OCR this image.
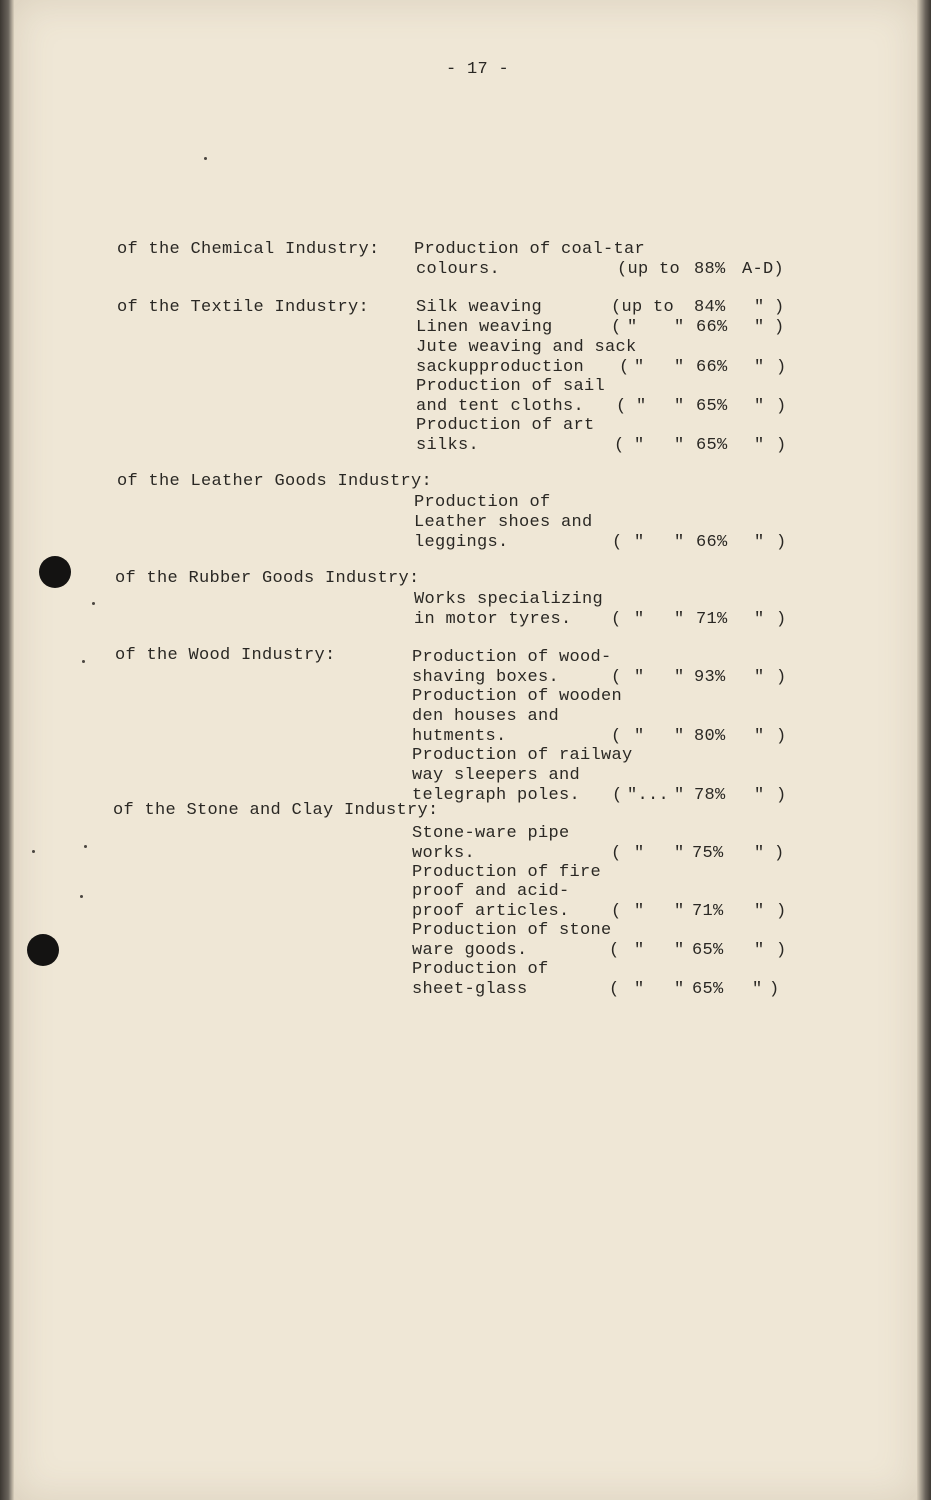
- 17 -
of the Chemical Industry: Production of coal-tar
colours.	(up to 88% A-D)
of the Textile Industry:	Silk weaving	(up to 84% " )
Linen weaving	( " " 66% " )
Jute weaving and sack
sackupproduction ( " " 66% " )
Production of sail
and tent cloths. ( " " 65% " )
Production of art
silks.	( " " 65% " )
of the Leather Goods Industry:
Production of
Leather shoes and
leggings.	( " " 66% " )
of the Rubber Goods Industry:
Works specializing
in motor tyres. ( " " 71% " )
of the Wood Industry:	Production of wood-
shaving boxes.	( " " 93% " )
Production of wooden
den houses and
hutments.	( " " 80% " )
Production of railway
way sleepers and
telegraph poles. ( "... " 78% " )
of the Stone and Clay Industry:
Stone-ware pipe
works.	( " " 75% " )
Production of fire
proof and acid-
proof articles. ( " " 71% " )
Production of stone
ware goods.	( " " 65% " )
Production of
sheet-glass	( " " 65% " )
